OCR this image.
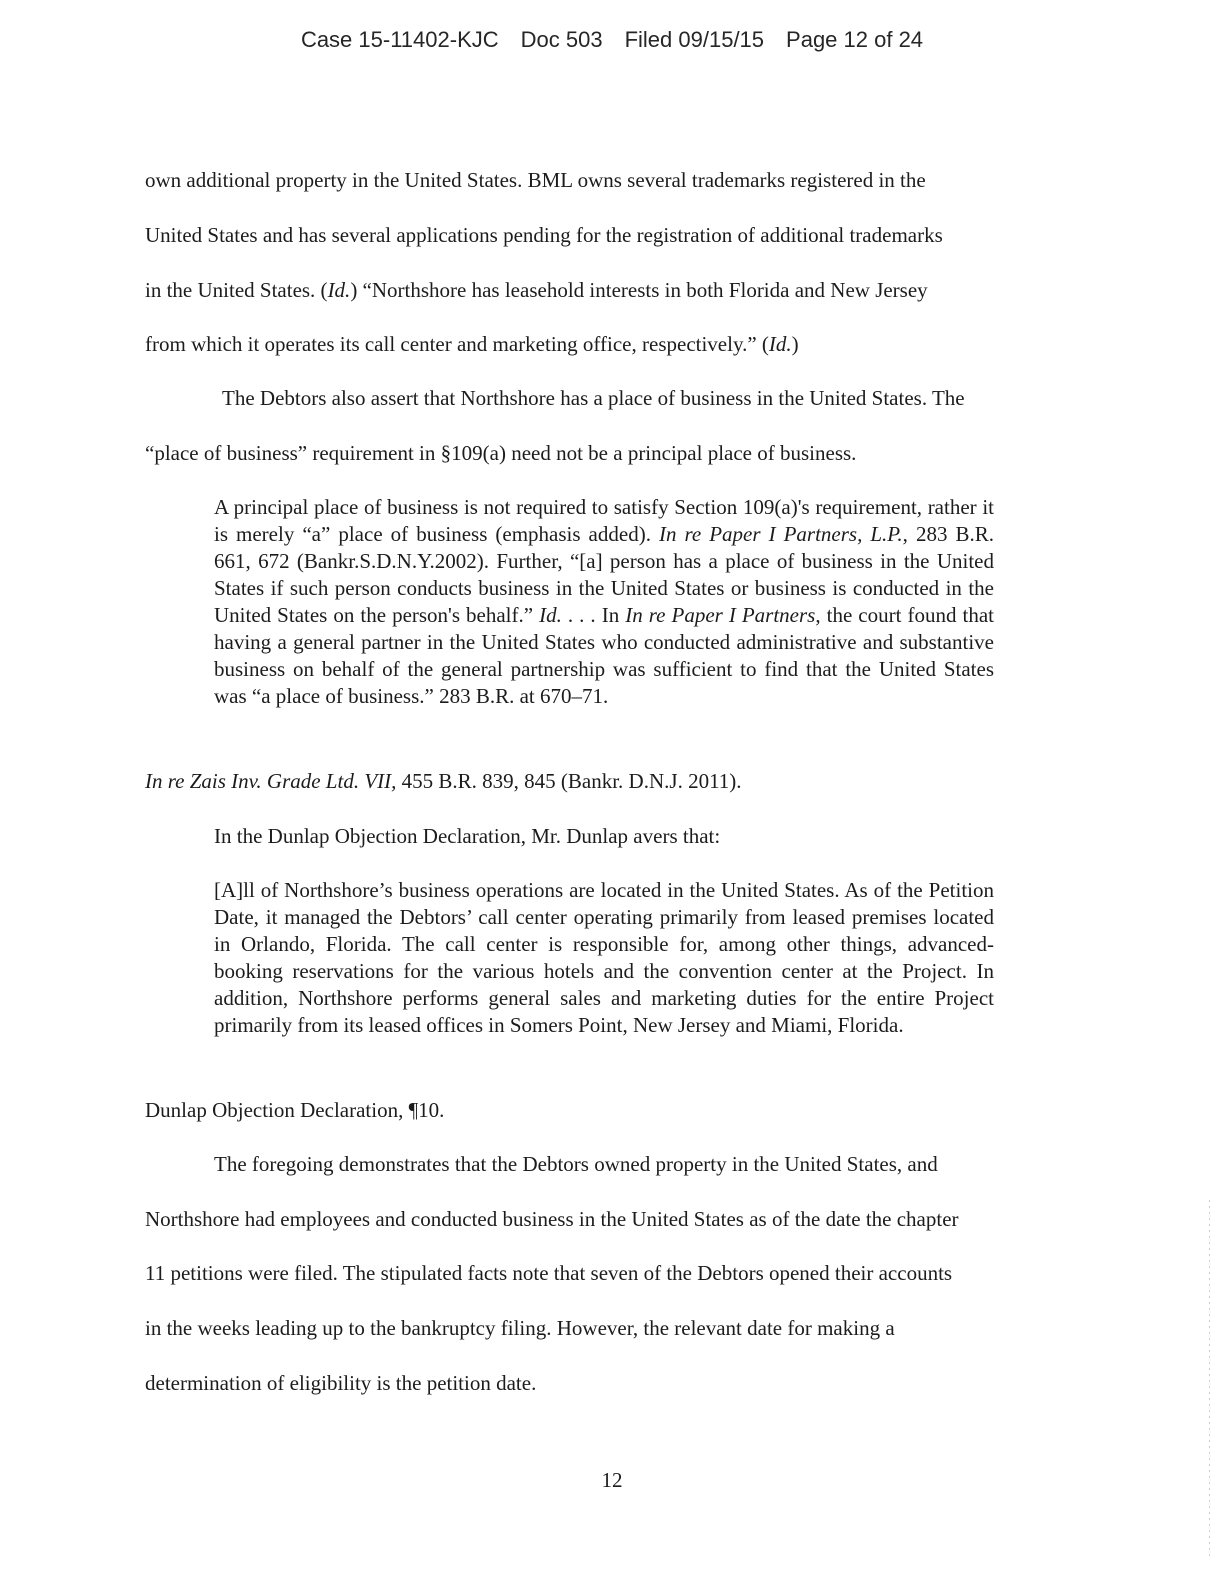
Case 15-11402-KJC Doc 503 Filed 09/15/15 Page 12 of 24
own additional property in the United States. BML owns several trademarks registered in the
United States and has several applications pending for the registration of additional trademarks
in the United States. (Id.) “Northshore has leasehold interests in both Florida and New Jersey
from which it operates its call center and marketing office, respectively.” (Id.)
The Debtors also assert that Northshore has a place of business in the United States. The
“place of business” requirement in §109(a) need not be a principal place of business.
A principal place of business is not required to satisfy Section 109(a)'s requirement, rather it is merely “a” place of business (emphasis added). In re Paper I Partners, L.P., 283 B.R. 661, 672 (Bankr.S.D.N.Y.2002). Further, “[a] person has a place of business in the United States if such person conducts business in the United States or business is conducted in the United States on the person's behalf.” Id. . . . In In re Paper I Partners, the court found that having a general partner in the United States who conducted administrative and substantive business on behalf of the general partnership was sufficient to find that the United States was “a place of business.” 283 B.R. at 670–71.
In re Zais Inv. Grade Ltd. VII, 455 B.R. 839, 845 (Bankr. D.N.J. 2011).
In the Dunlap Objection Declaration, Mr. Dunlap avers that:
[A]ll of Northshore’s business operations are located in the United States. As of the Petition Date, it managed the Debtors’ call center operating primarily from leased premises located in Orlando, Florida. The call center is responsible for, among other things, advanced-booking reservations for the various hotels and the convention center at the Project. In addition, Northshore performs general sales and marketing duties for the entire Project primarily from its leased offices in Somers Point, New Jersey and Miami, Florida.
Dunlap Objection Declaration, ¶10.
The foregoing demonstrates that the Debtors owned property in the United States, and
Northshore had employees and conducted business in the United States as of the date the chapter
11 petitions were filed. The stipulated facts note that seven of the Debtors opened their accounts
in the weeks leading up to the bankruptcy filing. However, the relevant date for making a
determination of eligibility is the petition date.
12
